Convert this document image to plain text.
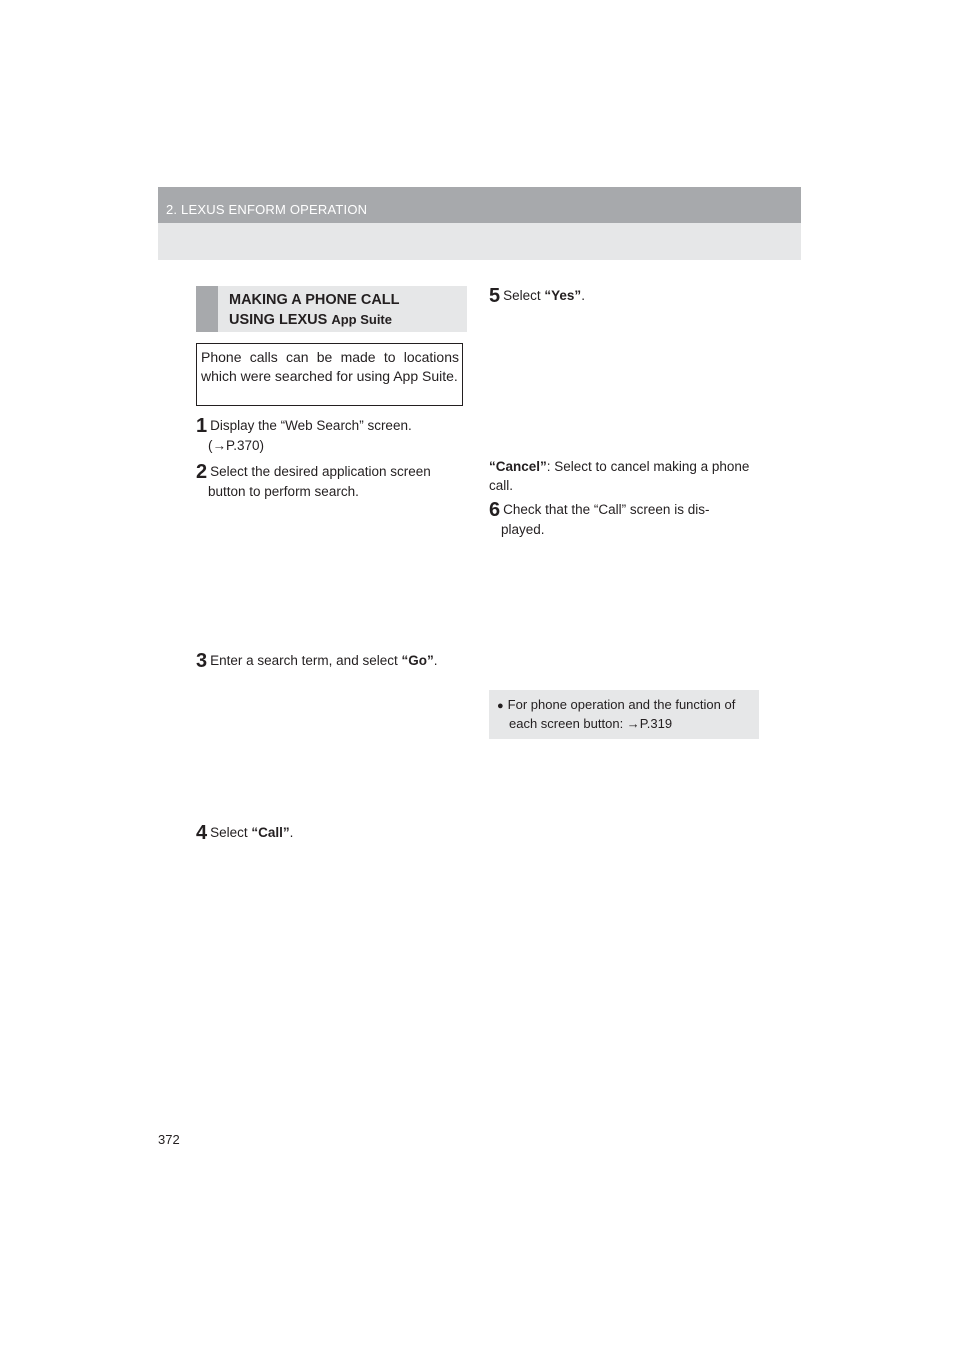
2. LEXUS ENFORM OPERATION
MAKING A PHONE CALL
USING LEXUS App Suite
Phone calls can be made to locations which were searched for using App Suite.
1 Display the “Web Search” screen.
(→P.370)
2 Select the desired application screen
button to perform search.
3 Enter a search term, and select “Go”.
4 Select “Call”.
5 Select “Yes”.
“Cancel”: Select to cancel making a phone call.
6 Check that the “Call” screen is dis-
played.
● For phone operation and the function of
each screen button: →P.319
372
